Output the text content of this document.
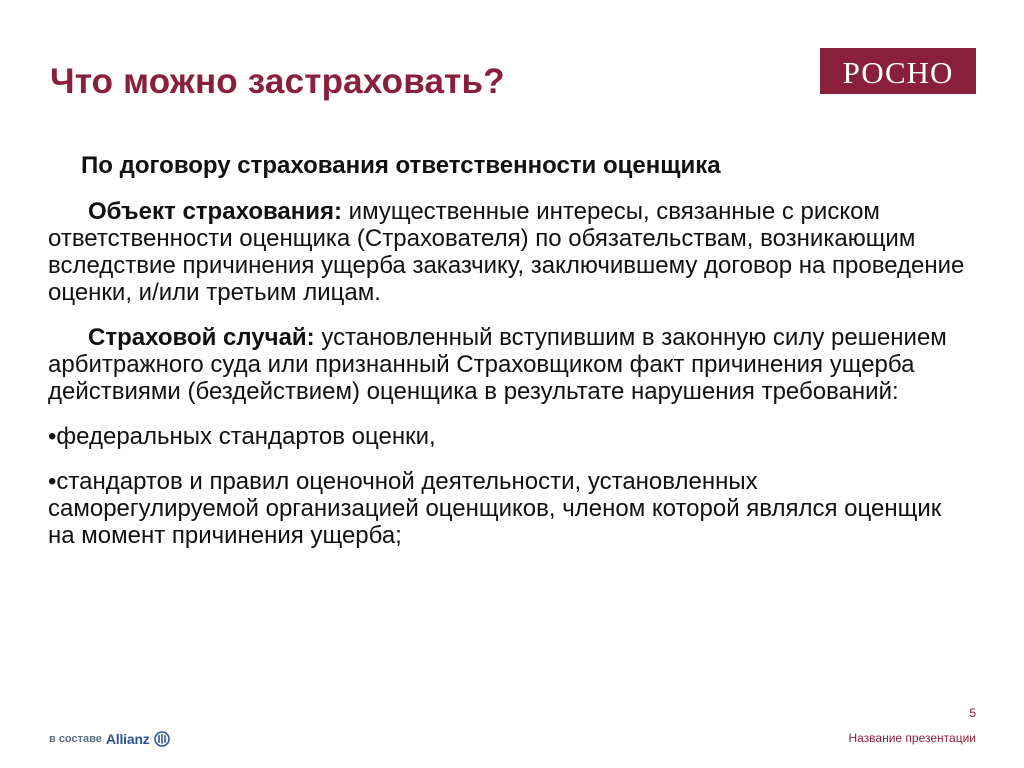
Что можно застраховать?	РОСНО

По договору страхования ответственности оценщика

Объект страхования: имущественные интересы, связанные с риском ответственности оценщика (Страхователя) по обязательствам, возникающим вследствие причинения ущерба заказчику, заключившему договор на проведение оценки, и/или третьим лицам.

Страховой случай: установленный вступившим в законную силу решением арбитражного суда или признанный Страховщиком факт причинения ущерба действиями (бездействием) оценщика в результате нарушения требований:

•федеральных стандартов оценки,

•стандартов и правил оценочной деятельности, установленных саморегулируемой организацией оценщиков, членом которой являлся оценщик на момент причинения ущерба;

5
Название презентации
в составе Allianz
